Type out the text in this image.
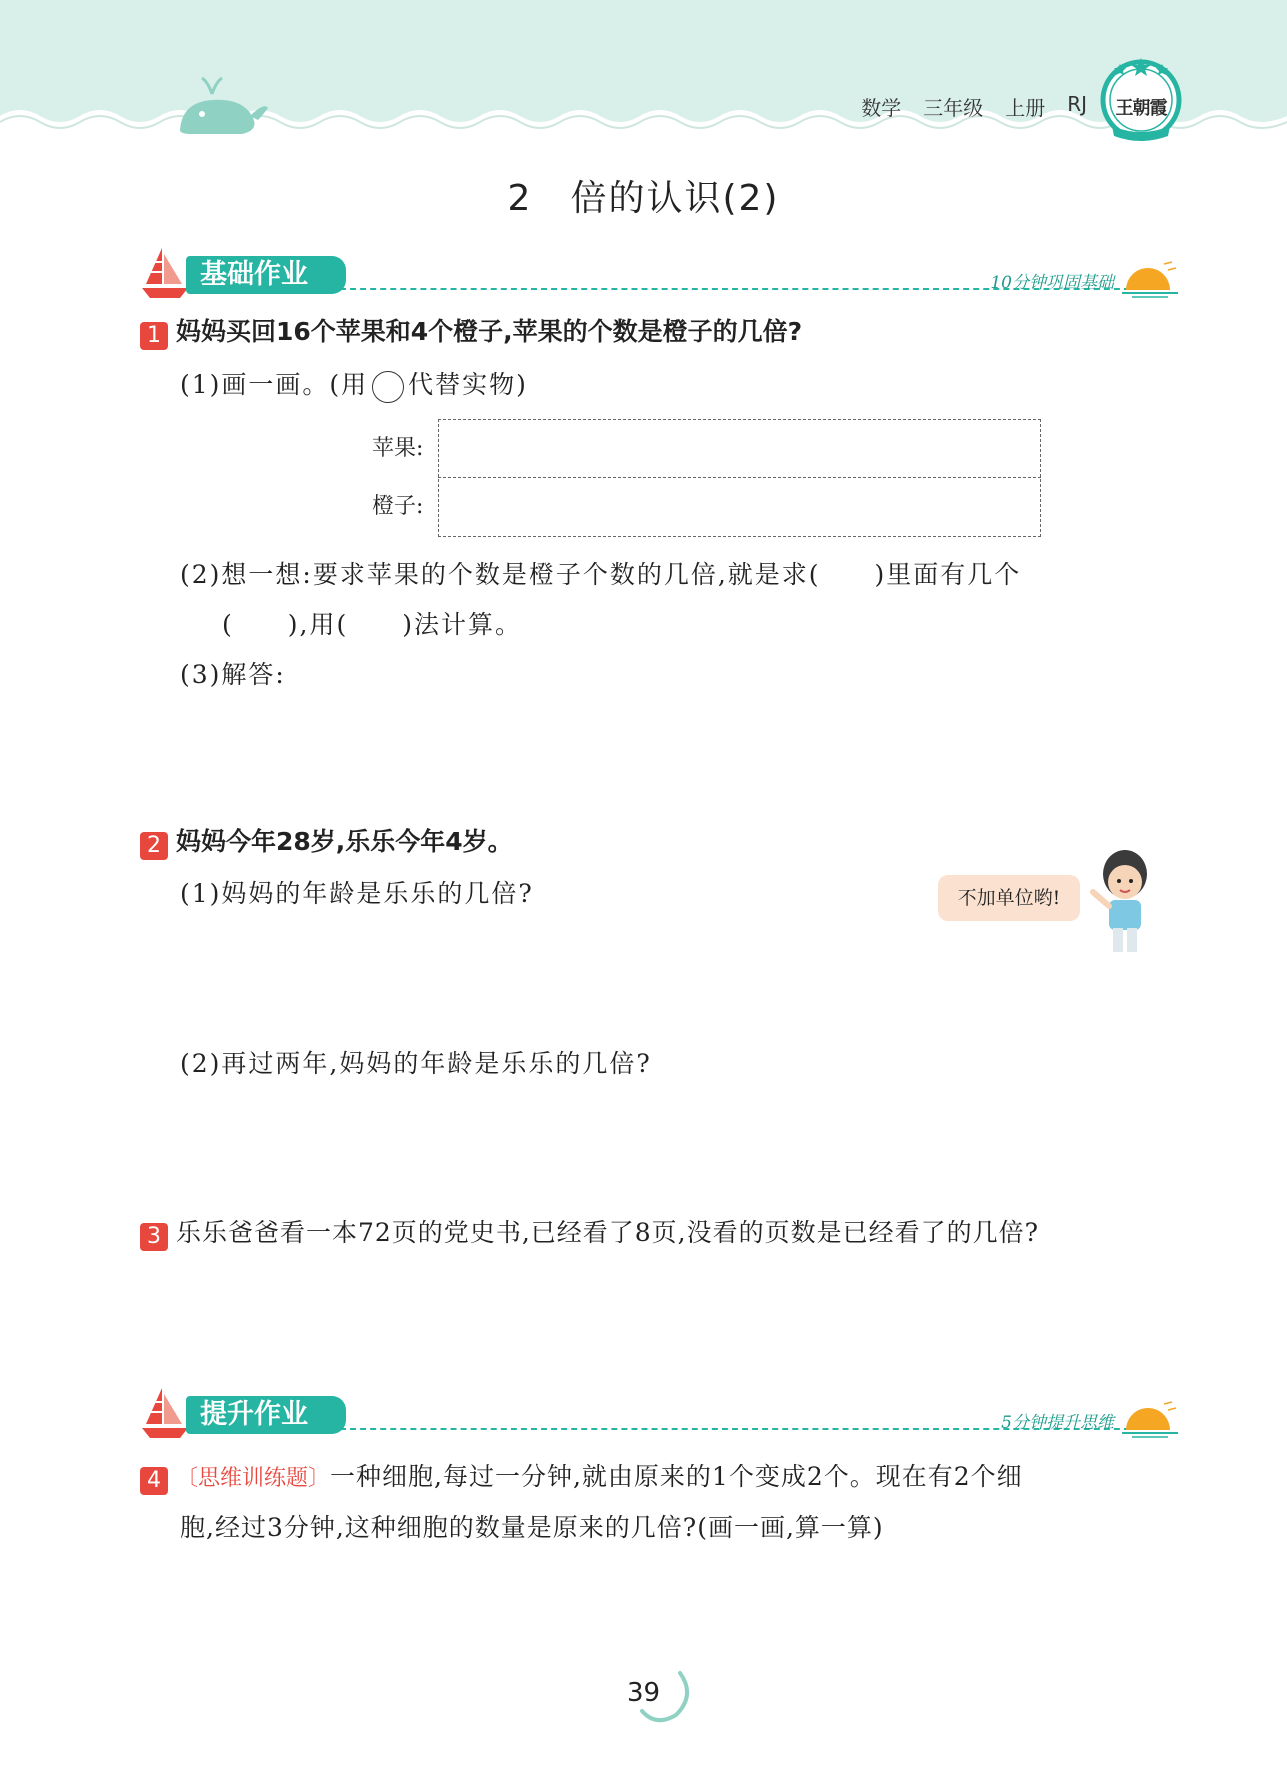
数学 三年级 上册 RJ	王朝霞
2　倍的认识(2)
基础作业	10分钟巩固基础
1 妈妈买回16个苹果和4个橙子,苹果的个数是橙子的几倍?
(1)画一画。(用 代替实物)
苹果:
橙子:
(2)想一想:要求苹果的个数是橙子个数的几倍,就是求(　　)里面有几个
(　　),用(　　)法计算。
(3)解答:
2 妈妈今年28岁,乐乐今年4岁。
(1)妈妈的年龄是乐乐的几倍?	不加单位哟!
(2)再过两年,妈妈的年龄是乐乐的几倍?
3 乐乐爸爸看一本72页的党史书,已经看了8页,没看的页数是已经看了的几倍?
提升作业	5分钟提升思维
4 〔思维训练题〕一种细胞,每过一分钟,就由原来的1个变成2个。现在有2个细
胞,经过3分钟,这种细胞的数量是原来的几倍?(画一画,算一算)
39
